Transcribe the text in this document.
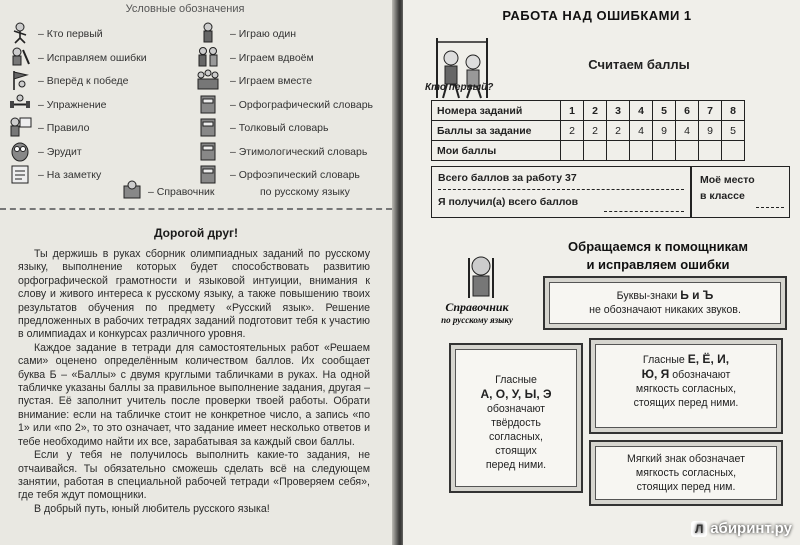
Условные обозначения
– Кто первый
– Исправляем ошибки
– Вперёд к победе
– Упражнение
– Правило
– Эрудит
– На заметку
– Играю один
– Играем вдвоём
– Играем вместе
– Орфографический словарь
– Толковый словарь
– Этимологический словарь
– Орфоэпический словарь
– Справочник	по русскому языку
Дорогой друг!

Ты держишь в руках сборник олимпиадных заданий по русскому языку, выполнение которых будет способствовать развитию орфографической грамотности и языковой интуиции, внимания к слову и живого интереса к русскому языку, а также повышению твоих результатов обучения по предмету «Русский язык». Решение предложенных в рабочих тетрадях заданий подготовит тебя к участию в олимпиадах и конкурсах различного уровня.

Каждое задание в тетради для самостоятельных работ «Решаем сами» оценено определённым количеством баллов. Их сообщает буква Б – «Баллы» с двумя круглыми табличками в руках. На одной табличке указаны баллы за правильное выполнение задания, другая – пустая. Её заполнит учитель после проверки твоей работы. Обрати внимание: если на табличке стоит не конкретное число, а запись «по 1» или «по 2», то это означает, что задание имеет несколько ответов и тебе необходимо найти их все, зарабатывая за каждый свои баллы.

Если у тебя не получилось выполнить какие-то задания, не отчаивайся. Ты обязательно сможешь сделать всё на следующем занятии, работая в специальной рабочей тетради «Проверяем себя», где тебя ждут помощники.

В добрый путь, юный любитель русского языка!

РАБОТА НАД ОШИБКАМИ 1
Кто первый?
Считаем баллы
Номера заданий	1	2	3	4	5	6	7	8
Баллы за задание	2	2	2	4	9	4	9	5
Мои баллы								
Всего баллов за работу 37
Я получил(а) всего баллов
Моё место
в классе
Обращаемся к помощникам
и исправляем ошибки
Справочник
по русскому языку
Буквы-знаки Ь и Ъ
не обозначают никаких звуков.
Гласные
А, О, У, Ы, Э
обозначают
твёрдость
согласных,
стоящих
перед ними.
Гласные Е, Ё, И,
Ю, Я обозначают
мягкость согласных,
стоящих перед ними.
Мягкий знак обозначает
мягкость согласных,
стоящих перед ним.
Л абиринт.ру
